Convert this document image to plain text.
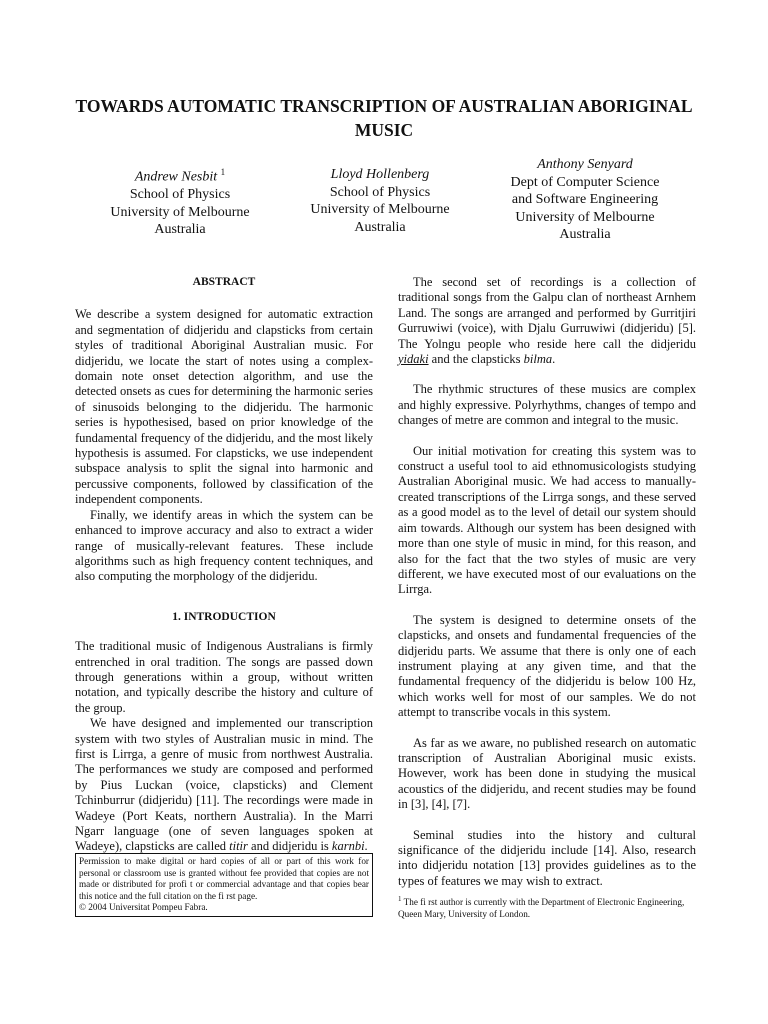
TOWARDS AUTOMATIC TRANSCRIPTION OF AUSTRALIAN ABORIGINAL MUSIC
Andrew Nesbit $^1$
School of Physics
University of Melbourne
Australia
Lloyd Hollenberg
School of Physics
University of Melbourne
Australia
Anthony Senyard
Dept of Computer Science
and Software Engineering
University of Melbourne
Australia
ABSTRACT

We describe a system designed for automatic extraction and segmentation of didjeridu and clapsticks from certain styles of traditional Aboriginal Australian music. For didjeridu, we locate the start of notes using a complex-domain note onset detection algorithm, and use the detected onsets as cues for determining the harmonic series of sinusoids belonging to the didjeridu. The harmonic series is hypothesised, based on prior knowledge of the fundamental frequency of the didjeridu, and the most likely hypothesis is assumed. For clapsticks, we use independent subspace analysis to split the signal into harmonic and percussive components, followed by classification of the independent components.

Finally, we identify areas in which the system can be enhanced to improve accuracy and also to extract a wider range of musically-relevant features. These include algorithms such as high frequency content techniques, and also computing the morphology of the didjeridu.

1. INTRODUCTION

The traditional music of Indigenous Australians is firmly entrenched in oral tradition. The songs are passed down through generations within a group, without written notation, and typically describe the history and culture of the group.

We have designed and implemented our transcription system with two styles of Australian music in mind. The first is Lirrga, a genre of music from northwest Australia. The performances we study are composed and performed by Pius Luckan (voice, clapsticks) and Clement Tchinburrur (didjeridu) [11]. The recordings were made in Wadeye (Port Keats, northern Australia). In the Marri Ngarr language (one of seven languages spoken at Wadeye), clapsticks are called titir and didjeridu is karnbi.

The second set of recordings is a collection of traditional songs from the Galpu clan of northeast Arnhem Land. The songs are arranged and performed by Gurritjiri Gurruwiwi (voice), with Djalu Gurruwiwi (didjeridu) [5]. The Yolngu people who reside here call the didjeridu yidaki and the clapsticks bilma.

The rhythmic structures of these musics are complex and highly expressive. Polyrhythms, changes of tempo and changes of metre are common and integral to the music.

Our initial motivation for creating this system was to construct a useful tool to aid ethnomusicologists studying Australian Aboriginal music. We had access to manually-created transcriptions of the Lirrga songs, and these served as a good model as to the level of detail our system should aim towards. Although our system has been designed with more than one style of music in mind, for this reason, and also for the fact that the two styles of music are very different, we have executed most of our evaluations on the Lirrga.

The system is designed to determine onsets of the clapsticks, and onsets and fundamental frequencies of the didjeridu parts. We assume that there is only one of each instrument playing at any given time, and that the fundamental frequency of the didjeridu is below 100 Hz, which works well for most of our samples. We do not attempt to transcribe vocals in this system.

As far as we aware, no published research on automatic transcription of Australian Aboriginal music exists. However, work has been done in studying the musical acoustics of the didjeridu, and recent studies may be found in [3], [4], [7].

Seminal studies into the history and cultural significance of the didjeridu include [14]. Also, research into didjeridu notation [13] provides guidelines as to the types of features we may wish to extract.

Permission to make digital or hard copies of all or part of this work for personal or classroom use is granted without fee provided that copies are not made or distributed for profi t or commercial advantage and that copies bear this notice and the full citation on the fi rst page.
© 2004 Universitat Pompeu Fabra.
$^1$ The fi rst author is currently with the Department of Electronic Engineering, Queen Mary, University of London.
